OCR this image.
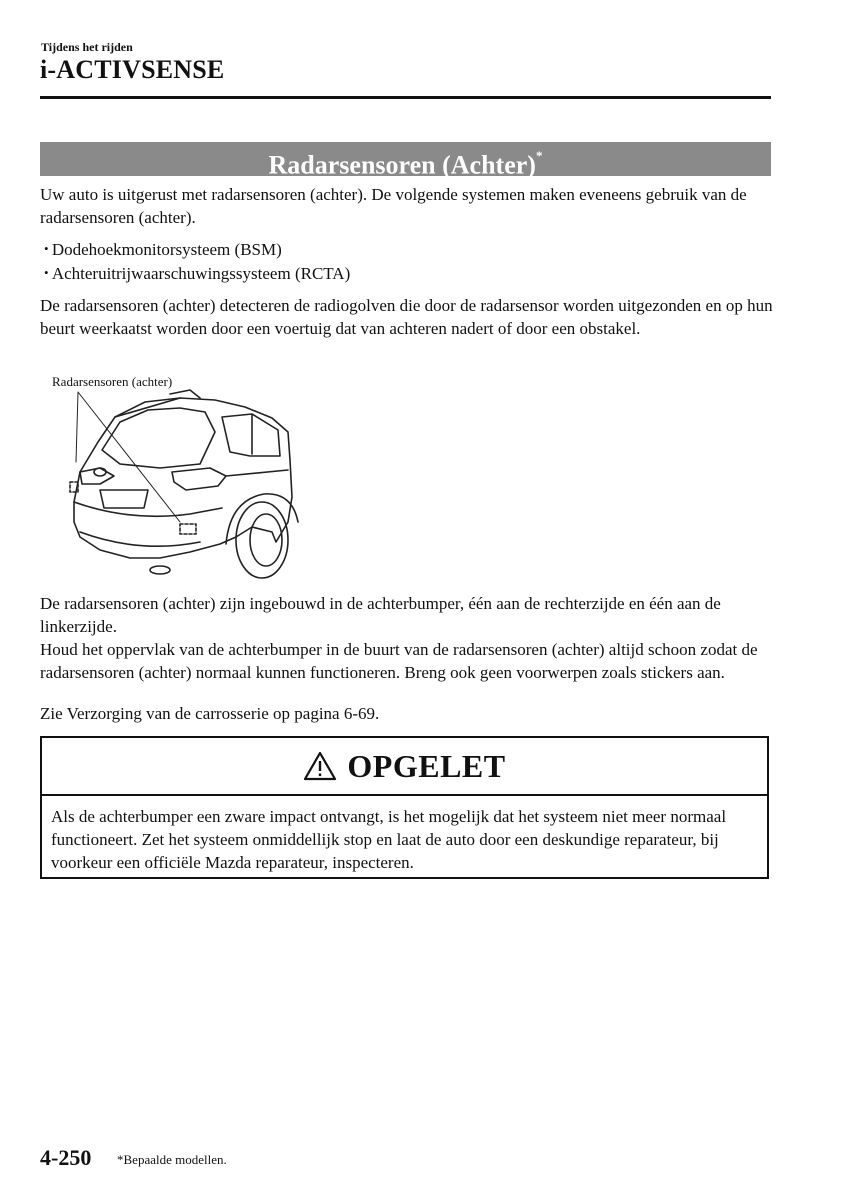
Tijdens het rijden
i-ACTIVSENSE
Radarsensoren (Achter)*
Uw auto is uitgerust met radarsensoren (achter). De volgende systemen maken eveneens gebruik van de radarsensoren (achter).
• Dodehoekmonitorsysteem (BSM)
• Achteruitrijwaarschuwingssysteem (RCTA)
De radarsensoren (achter) detecteren de radiogolven die door de radarsensor worden uitgezonden en op hun beurt weerkaatst worden door een voertuig dat van achteren nadert of door een obstakel.
Radarsensoren (achter)
De radarsensoren (achter) zijn ingebouwd in de achterbumper, één aan de rechterzijde en één aan de linkerzijde.
Houd het oppervlak van de achterbumper in de buurt van de radarsensoren (achter) altijd schoon zodat de radarsensoren (achter) normaal kunnen functioneren. Breng ook geen voorwerpen zoals stickers aan.
Zie Verzorging van de carrosserie op pagina 6-69.
OPGELET
Als de achterbumper een zware impact ontvangt, is het mogelijk dat het systeem niet meer normaal functioneert. Zet het systeem onmiddellijk stop en laat de auto door een deskundige reparateur, bij voorkeur een officiële Mazda reparateur, inspecteren.
4-250 *Bepaalde modellen.
